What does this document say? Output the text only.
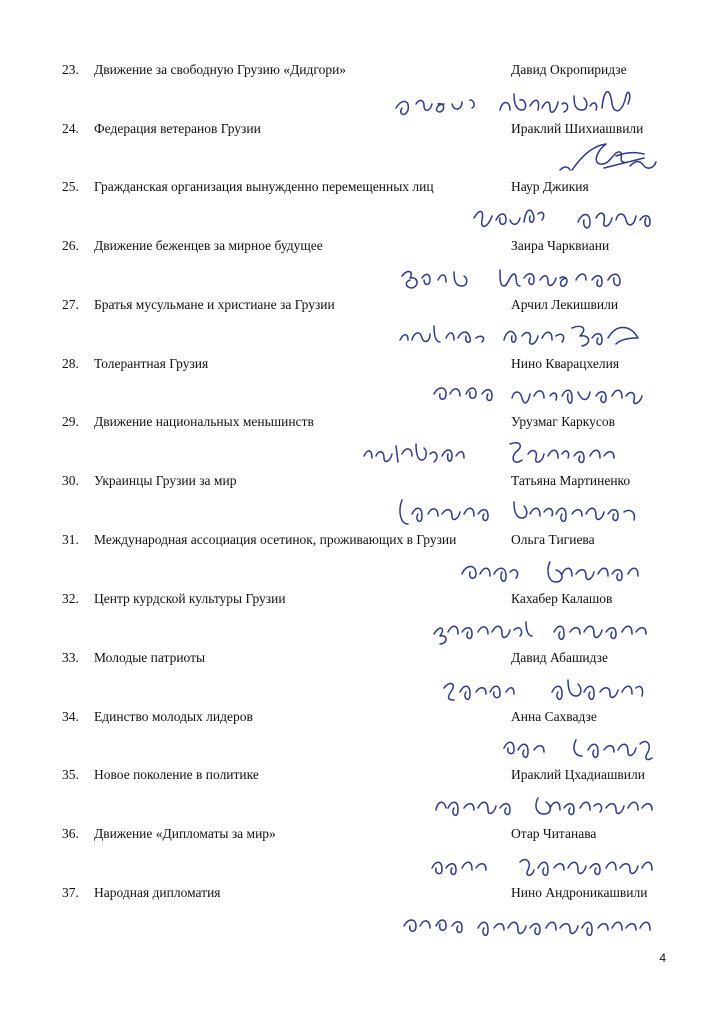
23. Движение за свободную Грузию «Дидгори»	Давид Окропиридзе
24. Федерация ветеранов Грузии	Ираклий Шихиашвили
25. Гражданская организация вынужденно перемещенных лиц	Наур Джикия
26. Движение беженцев за мирное будущее	Заира Чарквиани
27. Братья мусульмане и христиане за Грузии	Арчил Лекишвили
28. Толерантная Грузия	Нино Кварацхелия
29. Движение национальных меньшинств	Урузмаг Каркусов
30. Украинцы Грузии за мир	Татьяна Мартиненко
31. Международная ассоциация осетинок, проживающих в Грузии	Ольга Тигиева
32. Центр курдской культуры Грузии	Кахабер Калашов
33. Молодые патриоты	Давид Абашидзе
34. Единство молодых лидеров	Анна Сахвадзе
35. Новое поколение в политике	Ираклий Цхадиашвили
36. Движение «Дипломаты за мир»	Отар Читанава
37. Народная дипломатия	Нино Андроникашвили
4
